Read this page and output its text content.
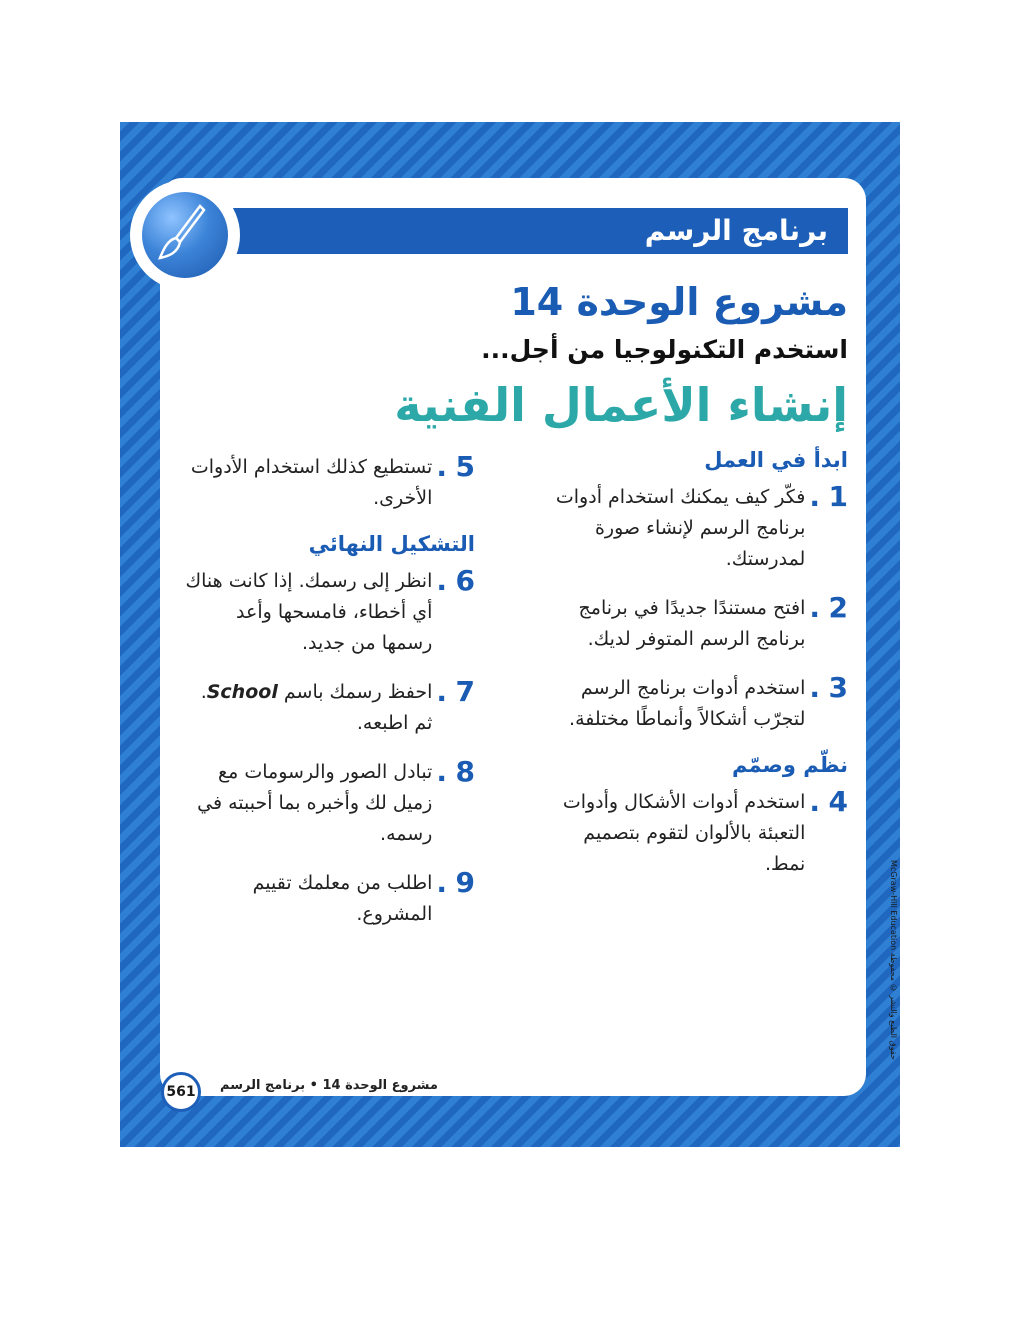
برنامج الرسم
مشروع الوحدة 14
استخدم التكنولوجيا من أجل...
إنشاء الأعمال الفنية
ابدأ في العمل
1
.
فكّر كيف يمكنك استخدام أدوات برنامج الرسم لإنشاء صورة لمدرستك.
2
.
افتح مستندًا جديدًا في برنامج برنامج الرسم المتوفر لديك.
3
.
استخدم أدوات برنامج الرسم لتجرّب أشكالاً وأنماطًا مختلفة.
نظّم وصمّم
4
.
استخدم أدوات الأشكال وأدوات التعبئة بالألوان لتقوم بتصميم نمط.
5
.
تستطيع كذلك استخدام الأدوات الأخرى.
التشكيل النهائي
6
.
انظر إلى رسمك. إذا كانت هناك أي أخطاء، فامسحها وأعد رسمها من جديد.
7
.
احفظ رسمك باسم School. ثم اطبعه.
8
.
تبادل الصور والرسومات مع زميل لك وأخبره بما أحببته في رسمه.
9
.
اطلب من معلمك تقييم المشروع.
561	مشروع الوحدة 14 • برنامج الرسم
McGraw-Hill Education حقوق الطبع والنشر © محفوظة
